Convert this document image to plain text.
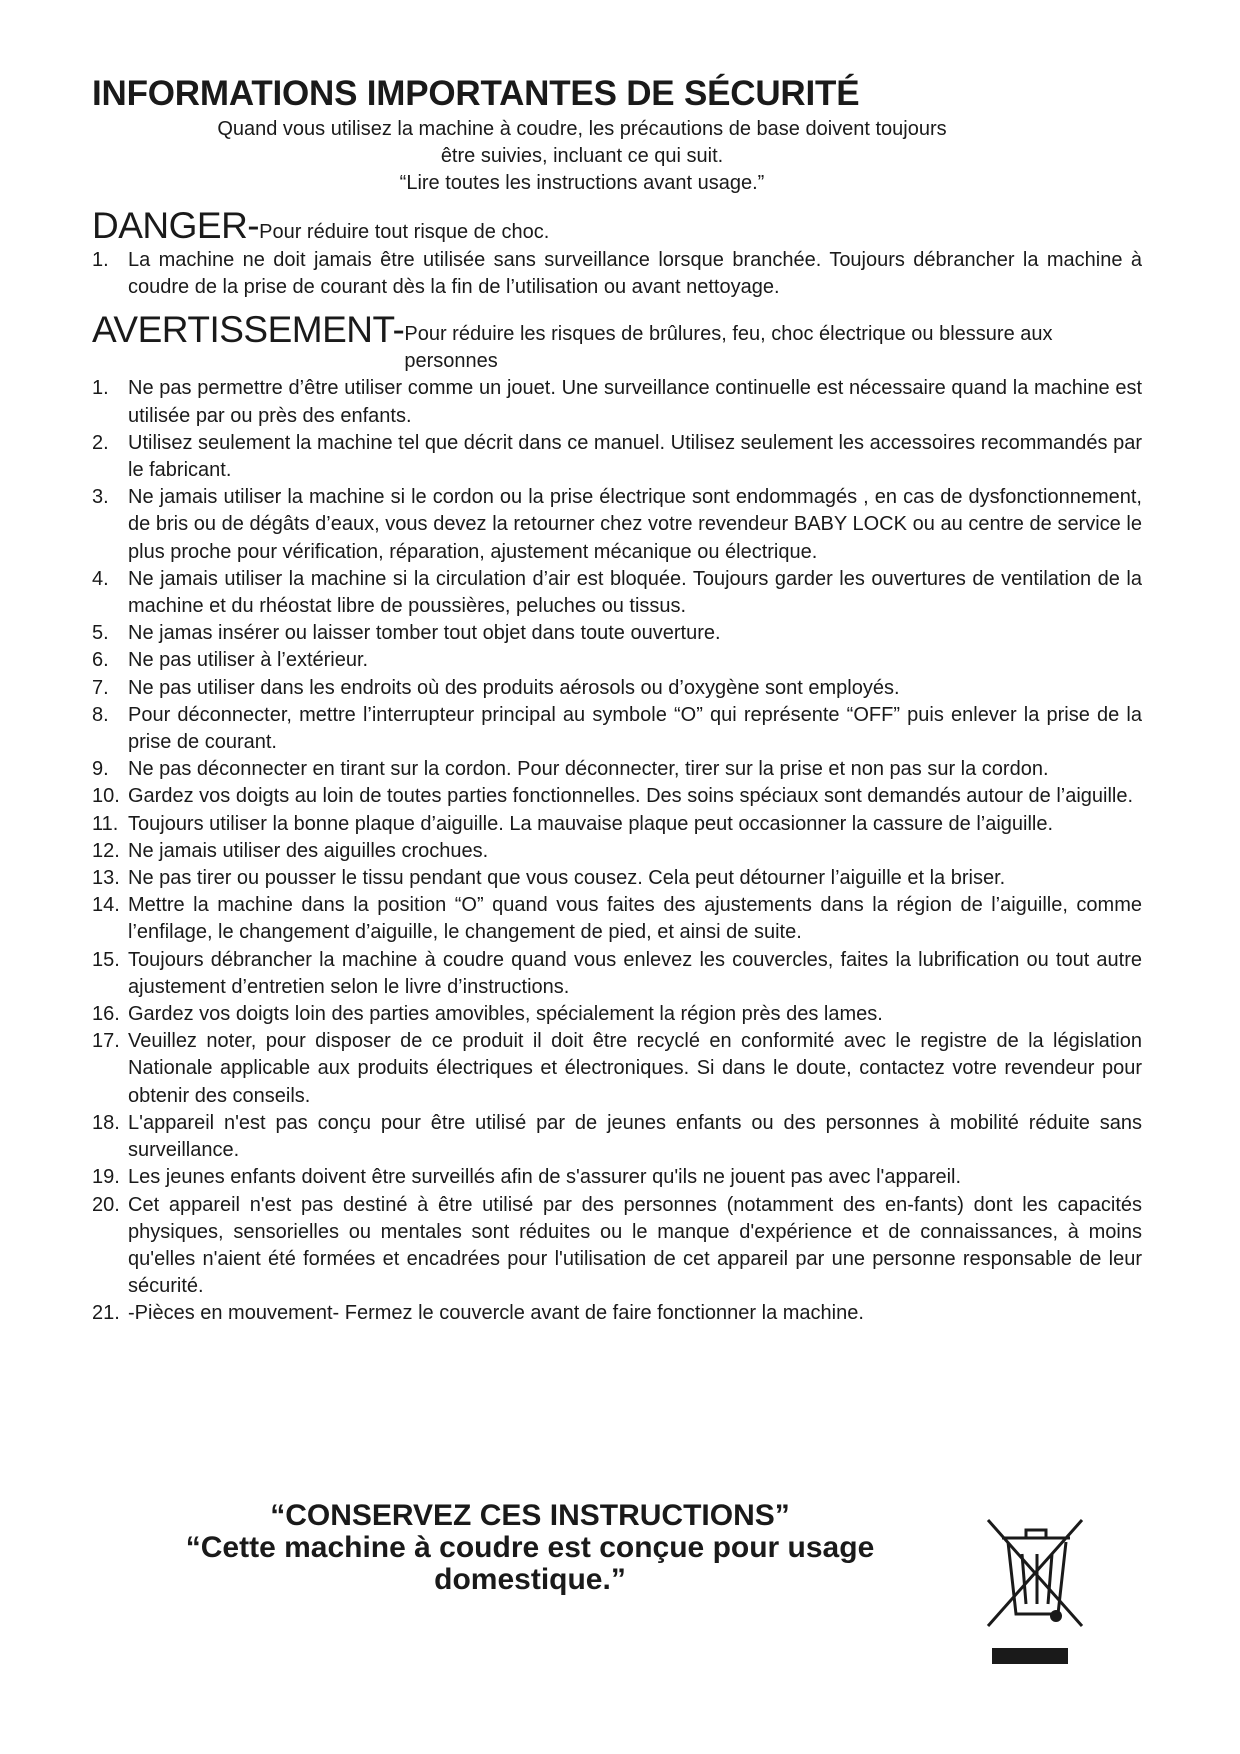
INFORMATIONS IMPORTANTES DE SÉCURITÉ
Quand vous utilisez la machine à coudre, les précautions de base doivent toujours
être suivies, incluant ce qui suit.
“Lire toutes les instructions avant usage.”
DANGER- Pour réduire tout risque de choc.
1. La machine ne doit jamais être utilisée sans surveillance lorsque branchée. Toujours débrancher la machine à coudre de la prise de courant dès la fin de l’utilisation ou avant nettoyage.
AVERTISSEMENT- Pour réduire les risques de brûlures, feu, choc électrique ou blessure aux personnes
1. Ne pas permettre d’être utiliser comme un jouet. Une surveillance continuelle est nécessaire quand la machine est utilisée par ou près des enfants.
2. Utilisez seulement la machine tel que décrit dans ce manuel. Utilisez seulement les accessoires recommandés par le fabricant.
3. Ne jamais utiliser la machine si le cordon ou la prise électrique sont endommagés , en cas de dysfonctionnement, de bris ou de dégâts d’eaux, vous devez la retourner chez votre revendeur BABY LOCK ou au centre de service le plus proche pour vérification, réparation, ajustement mécanique ou électrique.
4. Ne jamais utiliser la machine si la circulation d’air est bloquée. Toujours garder les ouvertures de ventilation de la machine et du rhéostat libre de poussières, peluches ou tissus.
5. Ne jamas insérer ou laisser tomber tout objet dans toute ouverture.
6. Ne pas utiliser à l’extérieur.
7. Ne pas utiliser dans les endroits où des produits aérosols ou d’oxygène sont employés.
8. Pour déconnecter, mettre l’interrupteur principal au symbole “O” qui représente “OFF” puis enlever la prise de la prise de courant.
9. Ne pas déconnecter en tirant sur la cordon. Pour déconnecter, tirer sur la prise et non pas sur la cordon.
10. Gardez vos doigts au loin de toutes parties fonctionnelles. Des soins spéciaux sont demandés autour de l’aiguille.
11. Toujours utiliser la bonne plaque d’aiguille. La mauvaise plaque peut occasionner la cassure de l’aiguille.
12. Ne jamais utiliser des aiguilles crochues.
13. Ne pas tirer ou pousser le tissu pendant que vous cousez. Cela peut détourner l’aiguille et la briser.
14. Mettre la machine dans la position “O” quand vous faites des ajustements dans la région de l’aiguille, comme l’enfilage, le changement d’aiguille, le changement de pied, et ainsi de suite.
15. Toujours débrancher la machine à coudre quand vous enlevez les couvercles, faites la lubrification ou tout autre ajustement d’entretien selon le livre d’instructions.
16. Gardez vos doigts loin des parties amovibles, spécialement la région près des lames.
17. Veuillez noter, pour disposer de ce produit il doit être recyclé en conformité avec le registre de la législation Nationale applicable aux produits électriques et électroniques. Si dans le doute, contactez votre revendeur pour obtenir des conseils.
18. L'appareil n'est pas conçu pour être utilisé par de jeunes enfants ou des personnes à mobilité réduite sans surveillance.
19. Les jeunes enfants doivent être surveillés afin de s'assurer qu'ils ne jouent pas avec l'appareil.
20. Cet appareil n'est pas destiné à être utilisé par des personnes (notamment des en-fants) dont les capacités physiques, sensorielles ou mentales sont réduites ou le manque d'expérience et de connaissances, à moins qu'elles n'aient été formées et encadrées pour l'utilisation de cet appareil par une personne responsable de leur sécurité.
21. -Pièces en mouvement- Fermez le couvercle avant de faire fonctionner la machine.
“CONSERVEZ CES INSTRUCTIONS”
“Cette machine à coudre est conçue pour usage domestique.”
